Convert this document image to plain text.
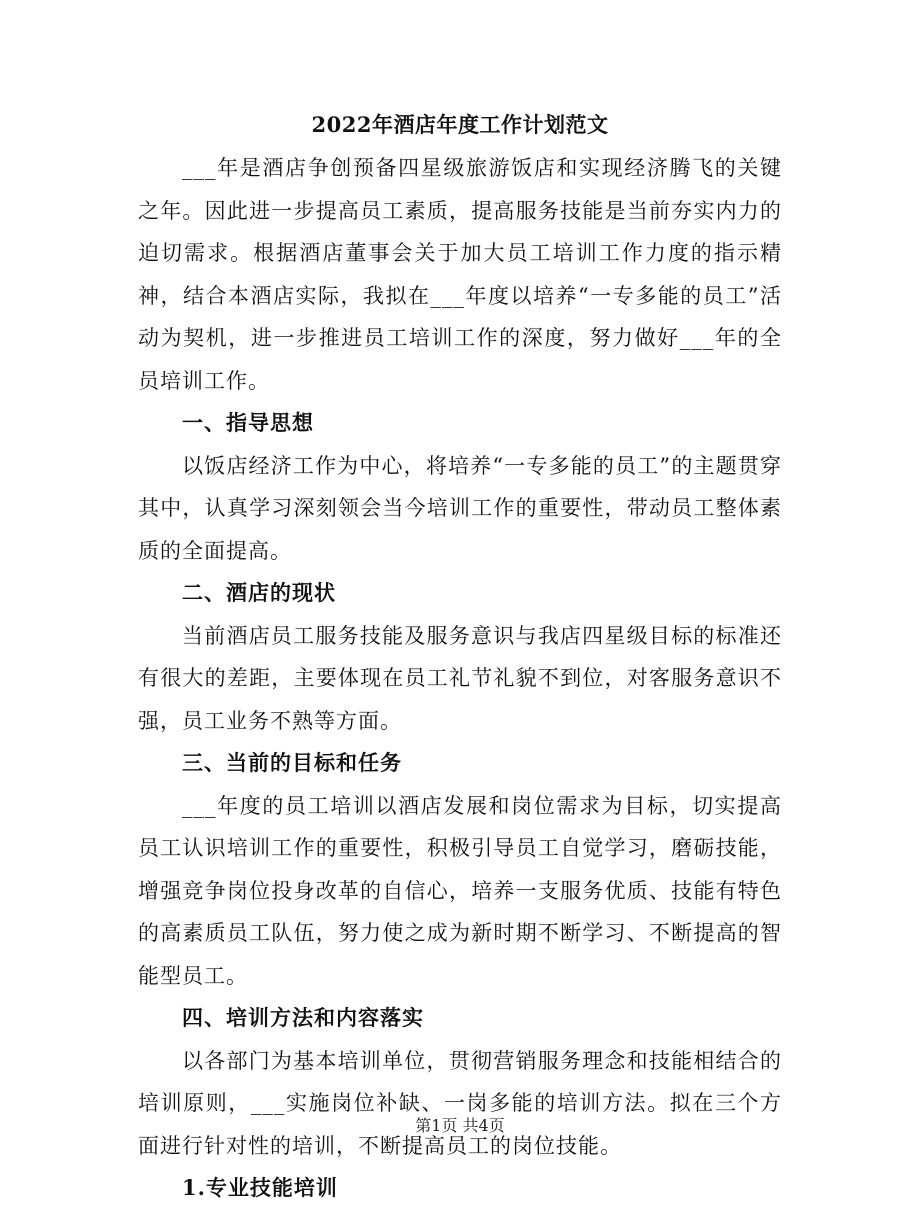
2022年酒店年度工作计划范文

___年是酒店争创预备四星级旅游饭店和实现经济腾飞的关键之年。因此进一步提高员工素质，提高服务技能是当前夯实内力的迫切需求。根据酒店董事会关于加大员工培训工作力度的指示精神，结合本酒店实际，我拟在___年度以培养“一专多能的员工”活动为契机，进一步推进员工培训工作的深度，努力做好___年的全员培训工作。

一、指导思想

以饭店经济工作为中心，将培养“一专多能的员工”的主题贯穿其中，认真学习深刻领会当今培训工作的重要性，带动员工整体素质的全面提高。

二、酒店的现状

当前酒店员工服务技能及服务意识与我店四星级目标的标准还有很大的差距，主要体现在员工礼节礼貌不到位，对客服务意识不强，员工业务不熟等方面。

三、当前的目标和任务

___年度的员工培训以酒店发展和岗位需求为目标，切实提高员工认识培训工作的重要性，积极引导员工自觉学习，磨砺技能，增强竞争岗位投身改革的自信心，培养一支服务优质、技能有特色的高素质员工队伍，努力使之成为新时期不断学习、不断提高的智能型员工。

四、培训方法和内容落实

以各部门为基本培训单位，贯彻营销服务理念和技能相结合的培训原则，___实施岗位补缺、一岗多能的培训方法。拟在三个方面进行针对性的培训，不断提高员工的岗位技能。

1.专业技能培训

第1页 共4页
